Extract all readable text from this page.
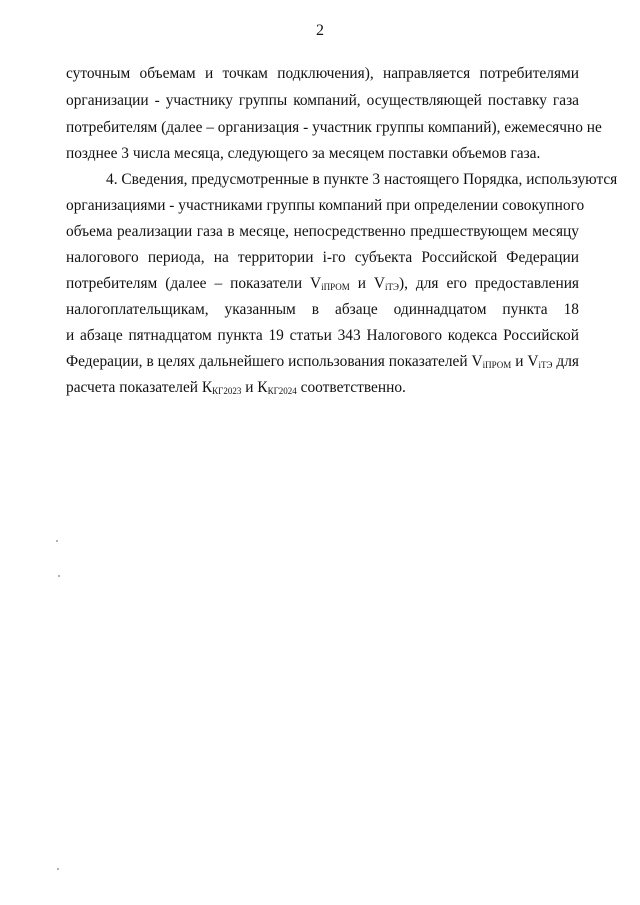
2
суточным объемам и точкам подключения), направляется потребителями
организации - участнику группы компаний, осуществляющей поставку газа
потребителям (далее – организация - участник группы компаний), ежемесячно не
позднее 3 числа месяца, следующего за месяцем поставки объемов газа.
4. Сведения, предусмотренные в пункте 3 настоящего Порядка, используются
организациями - участниками группы компаний при определении совокупного
объема реализации газа в месяце, непосредственно предшествующем месяцу
налогового периода, на территории i-го субъекта Российской Федерации
потребителям (далее – показатели $V_{iПРОМ}$ и $V_{iТЭ}$), для его предоставления
налогоплательщикам, указанным в абзаце одиннадцатом пункта 18
и абзаце пятнадцатом пункта 19 статьи 343 Налогового кодекса Российской
Федерации, в целях дальнейшего использования показателей $V_{iПРОМ}$ и $V_{iТЭ}$ для
расчета показателей $К_{КГ2023}$ и $К_{КГ2024}$ соответственно.
